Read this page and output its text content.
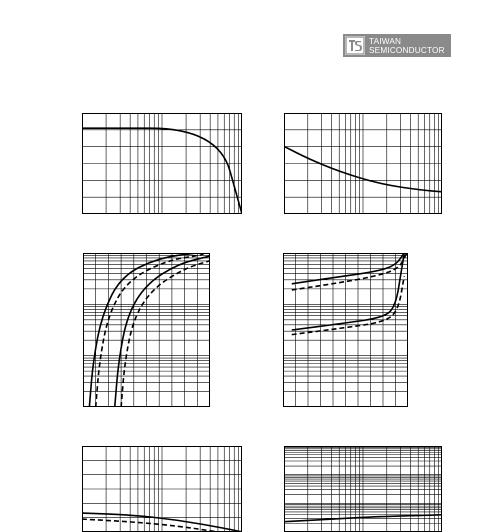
TAIWAN
SEMICONDUCTOR
